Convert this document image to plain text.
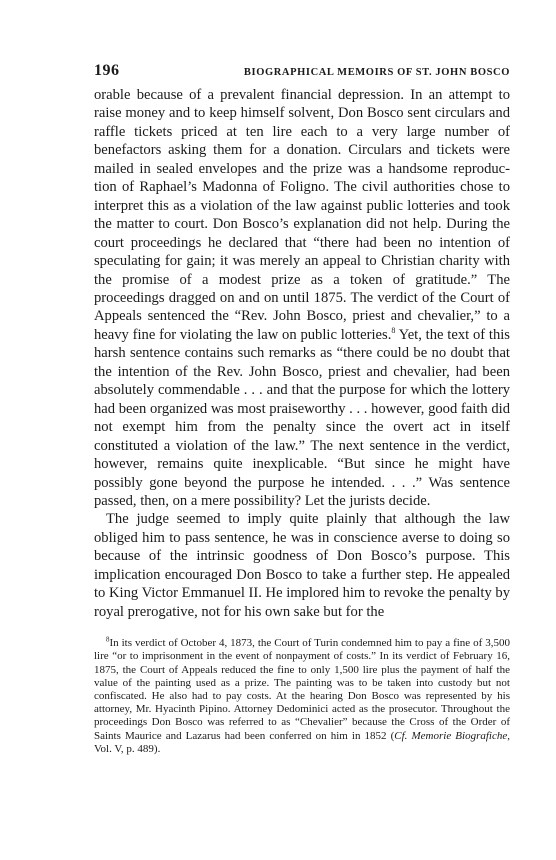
196	BIOGRAPHICAL MEMOIRS OF ST. JOHN BOSCO

orable because of a prevalent financial depression. In an attempt to raise money and to keep himself solvent, Don Bosco sent circulars and raffle tickets priced at ten lire each to a very large number of benefactors asking them for a donation. Circulars and tickets were mailed in sealed envelopes and the prize was a handsome reproduc-tion of Raphael’s Madonna of Foligno. The civil authorities chose to interpret this as a violation of the law against public lotteries and took the matter to court. Don Bosco’s explanation did not help. During the court proceedings he declared that “there had been no intention of speculating for gain; it was merely an appeal to Christian charity with the promise of a modest prize as a token of gratitude.” The proceedings dragged on and on until 1875. The verdict of the Court of Appeals sentenced the “Rev. John Bosco, priest and chevalier,” to a heavy fine for violating the law on public lotteries.$^8$ Yet, the text of this harsh sentence contains such remarks as “there could be no doubt that the intention of the Rev. John Bosco, priest and chevalier, had been absolutely commendable . . . and that the purpose for which the lottery had been organized was most praiseworthy . . . however, good faith did not exempt him from the penalty since the overt act in itself constituted a violation of the law.” The next sentence in the verdict, however, remains quite inexplicable. “But since he might have possibly gone beyond the purpose he intended. . . .” Was sentence passed, then, on a mere possibility? Let the jurists decide.

The judge seemed to imply quite plainly that although the law obliged him to pass sentence, he was in conscience averse to doing so because of the intrinsic goodness of Don Bosco’s purpose. This implication encouraged Don Bosco to take a further step. He appealed to King Victor Emmanuel II. He implored him to revoke the penalty by royal prerogative, not for his own sake but for the

$^8$In its verdict of October 4, 1873, the Court of Turin condemned him to pay a fine of 3,500 lire “or to imprisonment in the event of nonpayment of costs.” In its verdict of February 16, 1875, the Court of Appeals reduced the fine to only 1,500 lire plus the payment of half the value of the painting used as a prize. The painting was to be taken into custody but not confiscated. He also had to pay costs. At the hearing Don Bosco was represented by his attorney, Mr. Hyacinth Pipino. Attorney Dedominici acted as the prosecutor. Throughout the proceedings Don Bosco was referred to as “Chevalier” because the Cross of the Order of Saints Maurice and Lazarus had been conferred on him in 1852 (Cf. Memorie Biografiche, Vol. V, p. 489).
